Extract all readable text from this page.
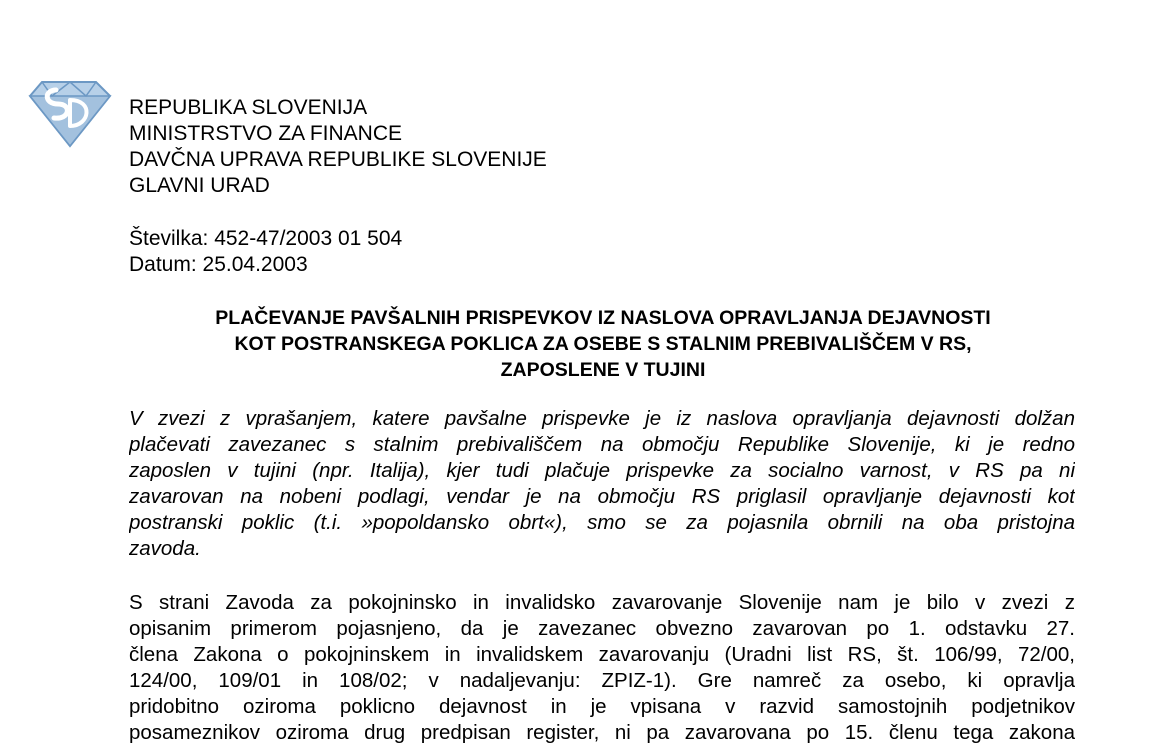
REPUBLIKA SLOVENIJA
MINISTRSTVO ZA FINANCE
DAVČNA UPRAVA REPUBLIKE SLOVENIJE
GLAVNI URAD
Številka: 452-47/2003 01 504
Datum: 25.04.2003
PLAČEVANJE PAVŠALNIH PRISPEVKOV IZ NASLOVA OPRAVLJANJA DEJAVNOSTI
KOT POSTRANSKEGA POKLICA ZA OSEBE S STALNIM PREBIVALIŠČEM V RS,
ZAPOSLENE V TUJINI
V zvezi z vprašanjem, katere pavšalne prispevke je iz naslova opravljanja dejavnosti dolžan
plačevati zavezanec s stalnim prebivališčem na območju Republike Slovenije, ki je redno
zaposlen v tujini (npr. Italija), kjer tudi plačuje prispevke za socialno varnost, v RS pa ni
zavarovan na nobeni podlagi, vendar je na območju RS priglasil opravljanje dejavnosti kot
postranski poklic (t.i. »popoldansko obrt«), smo se za pojasnila obrnili na oba pristojna
zavoda.
S strani Zavoda za pokojninsko in invalidsko zavarovanje Slovenije nam je bilo v zvezi z
opisanim primerom pojasnjeno, da je zavezanec obvezno zavarovan po 1. odstavku 27.
člena Zakona o pokojninskem in invalidskem zavarovanju (Uradni list RS, št. 106/99, 72/00,
124/00, 109/01 in 108/02; v nadaljevanju: ZPIZ-1). Gre namreč za osebo, ki opravlja
pridobitno oziroma poklicno dejavnost in je vpisana v razvid samostojnih podjetnikov
posameznikov oziroma drug predpisan register, ni pa zavarovana po 15. členu tega zakona
